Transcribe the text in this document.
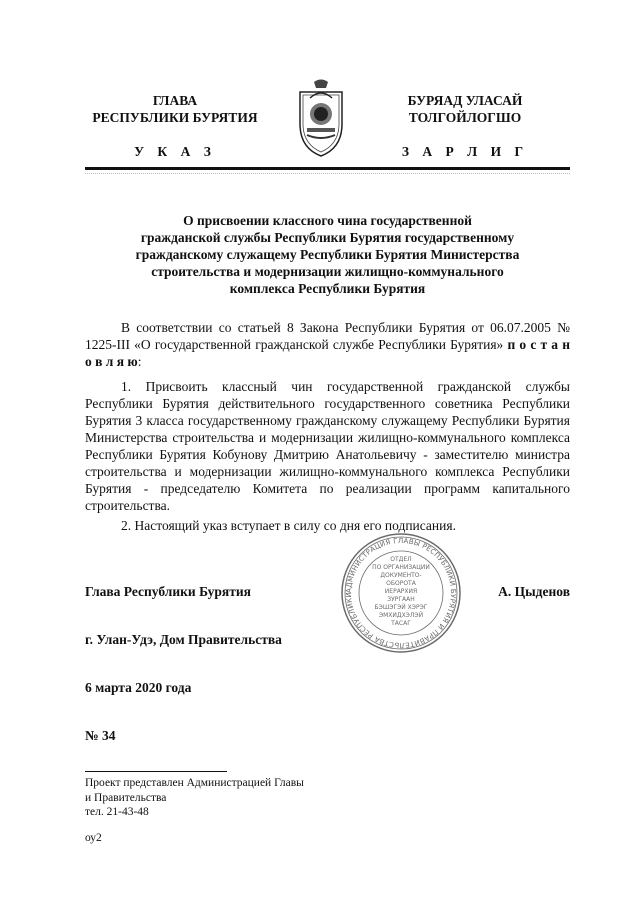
ГЛАВА
РЕСПУБЛИКИ БУРЯТИЯ
У К А З
БУРЯАД УЛАСАЙ
ТОЛГОЙЛОГШО
З А Р Л И Г
О присвоении классного чина государственной
гражданской службы Республики Бурятия государственному
гражданскому служащему Республики Бурятия Министерства
строительства и модернизации жилищно-коммунального
комплекса Республики Бурятия
В соответствии со статьей 8 Закона Республики Бурятия от 06.07.2005 № 1225-III «О государственной гражданской службе Республики Бурятия» п о с т а н о в л я ю:
1. Присвоить классный чин государственной гражданской службы Республики Бурятия действительного государственного советника Республики Бурятия 3 класса государственному гражданскому служащему Республики Бурятия Министерства строительства и модернизации жилищно-коммунального комплекса Республики Бурятия Кобунову Дмитрию Анатольевичу - заместителю министра строительства и модернизации жилищно-коммунального комплекса Республики Бурятия - председателю Комитета по реализации программ капитального строительства.
2. Настоящий указ вступает в силу со дня его подписания.
АДМИНИСТРАЦИЯ ГЛАВЫ РЕСПУБЛИКИ БУРЯТИЯ И ПРАВИТЕЛЬСТВА РЕСПУБЛИКИ
ОТДЕЛ
ПО ОРГАНИЗАЦИИ
ДОКУМЕНТО-
ОБОРОТА
ИЕРАРХИЯ
ЗУРГААН
БЭШЭГЭЙ ХЭРЭГ
ЭМХИДХЭЛЭЙ
ТАСАГ
Глава Республики Бурятия	А. Цыденов
г. Улан-Удэ, Дом Правительства
6 марта 2020 года
№ 34
Проект представлен Администрацией Главы
и Правительства
тел. 21-43-48
оу2
